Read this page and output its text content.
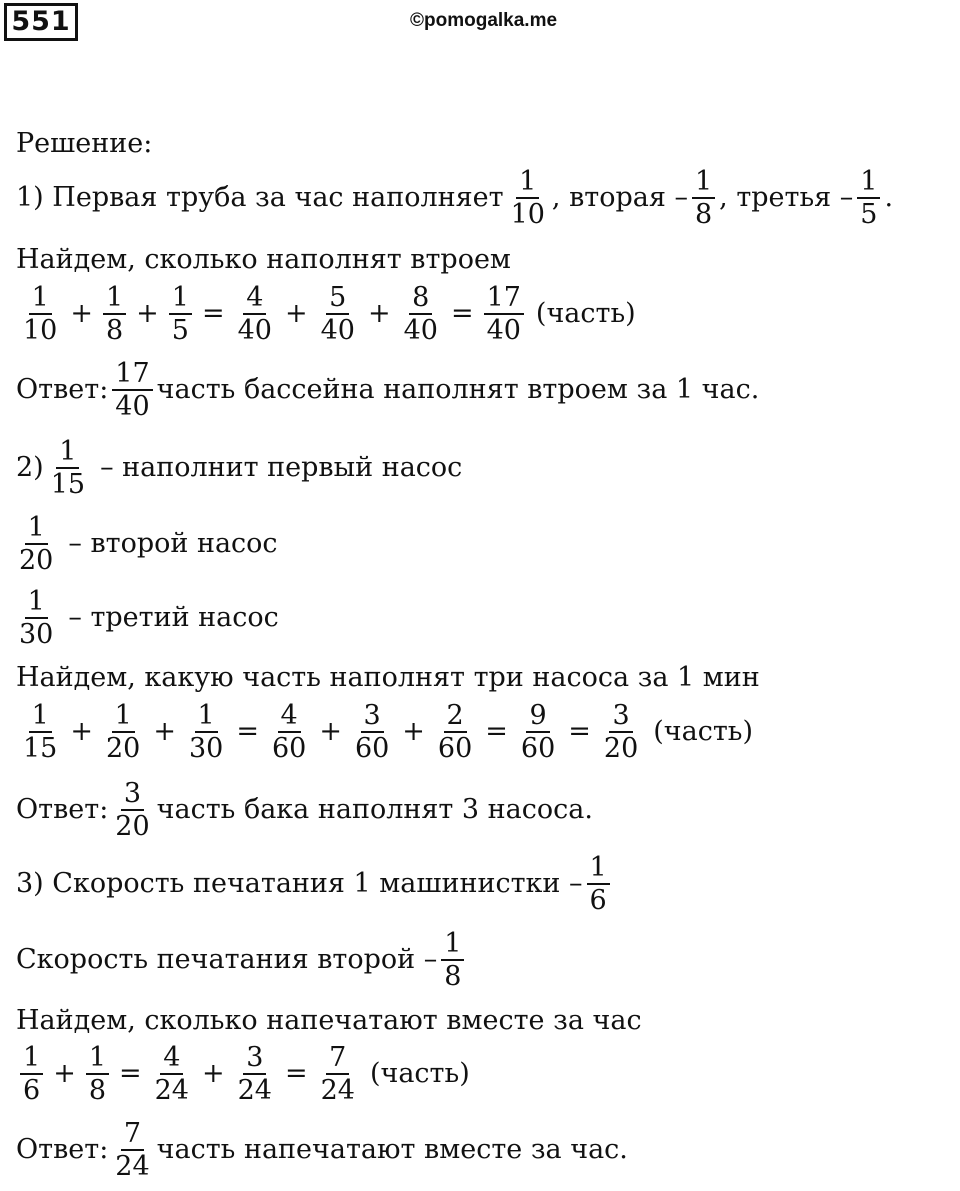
551	©pomogalka.me
Решение:
1) Первая труба за час наполняет $\frac{1}{10}$ , вторая – $\frac{1}{8}$ , третья – $\frac{1}{5}$ .
Найдем, сколько наполнят втроем
$\frac{1}{10} + \frac{1}{8} + \frac{1}{5} = \frac{4}{40} + \frac{5}{40} + \frac{8}{40} = \frac{17}{40}$ (часть)
Ответ: $\frac{17}{40}$ часть бассейна наполнят втроем за 1 час.
$2) \frac{1}{15}$ – наполнит первый насос
$\frac{1}{20}$ – второй насос
$\frac{1}{30}$ – третий насос
Найдем, какую часть наполнят три насоса за 1 мин
$\frac{1}{15} + \frac{1}{20} + \frac{1}{30} = \frac{4}{60} + \frac{3}{60} + \frac{2}{60} = \frac{9}{60} = \frac{3}{20}$ (часть)
Ответ: $\frac{3}{20}$ часть бака наполнят 3 насоса.
3) Скорость печатания 1 машинистки – $\frac{1}{6}$
Скорость печатания второй – $\frac{1}{8}$
Найдем, сколько напечатают вместе за час
$\frac{1}{6} + \frac{1}{8} = \frac{4}{24} + \frac{3}{24} = \frac{7}{24}$ (часть)
Ответ: $\frac{7}{24}$ часть напечатают вместе за час.
